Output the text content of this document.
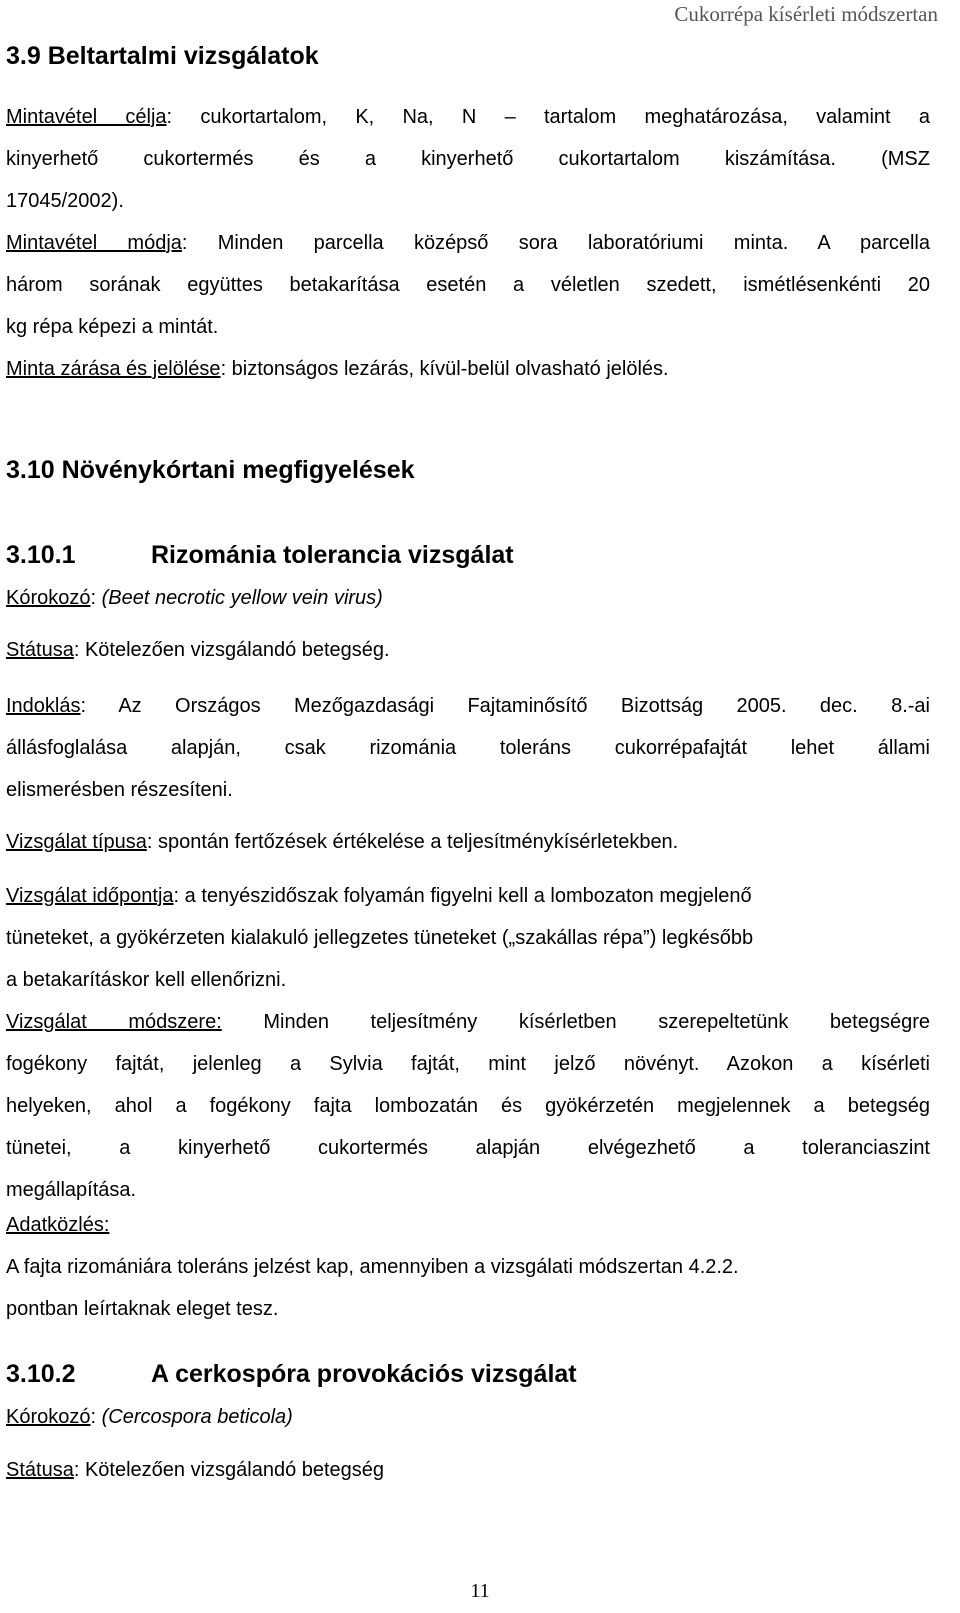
Cukorrépa kísérleti módszertan
3.9 Beltartalmi vizsgálatok
Mintavétel célja: cukortartalom, K, Na, N – tartalom meghatározása, valamint a
kinyerhető cukortermés és a kinyerhető cukortartalom kiszámítása. (MSZ
17045/2002).
Mintavétel módja: Minden parcella középső sora laboratóriumi minta. A parcella
három sorának együttes betakarítása esetén a véletlen szedett, ismétlésenkénti 20
kg répa képezi a mintát.
Minta zárása és jelölése: biztonságos lezárás, kívül-belül olvasható jelölés.
3.10 Növénykórtani megfigyelések
3.10.1	Rizománia tolerancia vizsgálat
Kórokozó: (Beet necrotic yellow vein virus)
Státusa: Kötelezően vizsgálandó betegség.
Indoklás: Az Országos Mezőgazdasági Fajtaminősítő Bizottság 2005. dec. 8.-ai
állásfoglalása alapján, csak rizománia toleráns cukorrépafajtát lehet állami
elismerésben részesíteni.
Vizsgálat típusa: spontán fertőzések értékelése a teljesítménykísérletekben.
Vizsgálat időpontja: a tenyészidőszak folyamán figyelni kell a lombozaton megjelenő
tüneteket, a gyökérzeten kialakuló jellegzetes tüneteket („szakállas répa”) legkésőbb
a betakarításkor kell ellenőrizni.
Vizsgálat módszere: Minden teljesítmény kísérletben szerepeltetünk betegségre
fogékony fajtát, jelenleg a Sylvia fajtát, mint jelző növényt. Azokon a kísérleti
helyeken, ahol a fogékony fajta lombozatán és gyökérzetén megjelennek a betegség
tünetei, a kinyerhető cukortermés alapján elvégezhető a toleranciaszint
megállapítása.
Adatközlés:
A fajta rizomániára toleráns jelzést kap, amennyiben a vizsgálati módszertan 4.2.2.
pontban leírtaknak eleget tesz.
3.10.2	A cerkospóra provokációs vizsgálat
Kórokozó: (Cercospora beticola)
Státusa: Kötelezően vizsgálandó betegség
11
